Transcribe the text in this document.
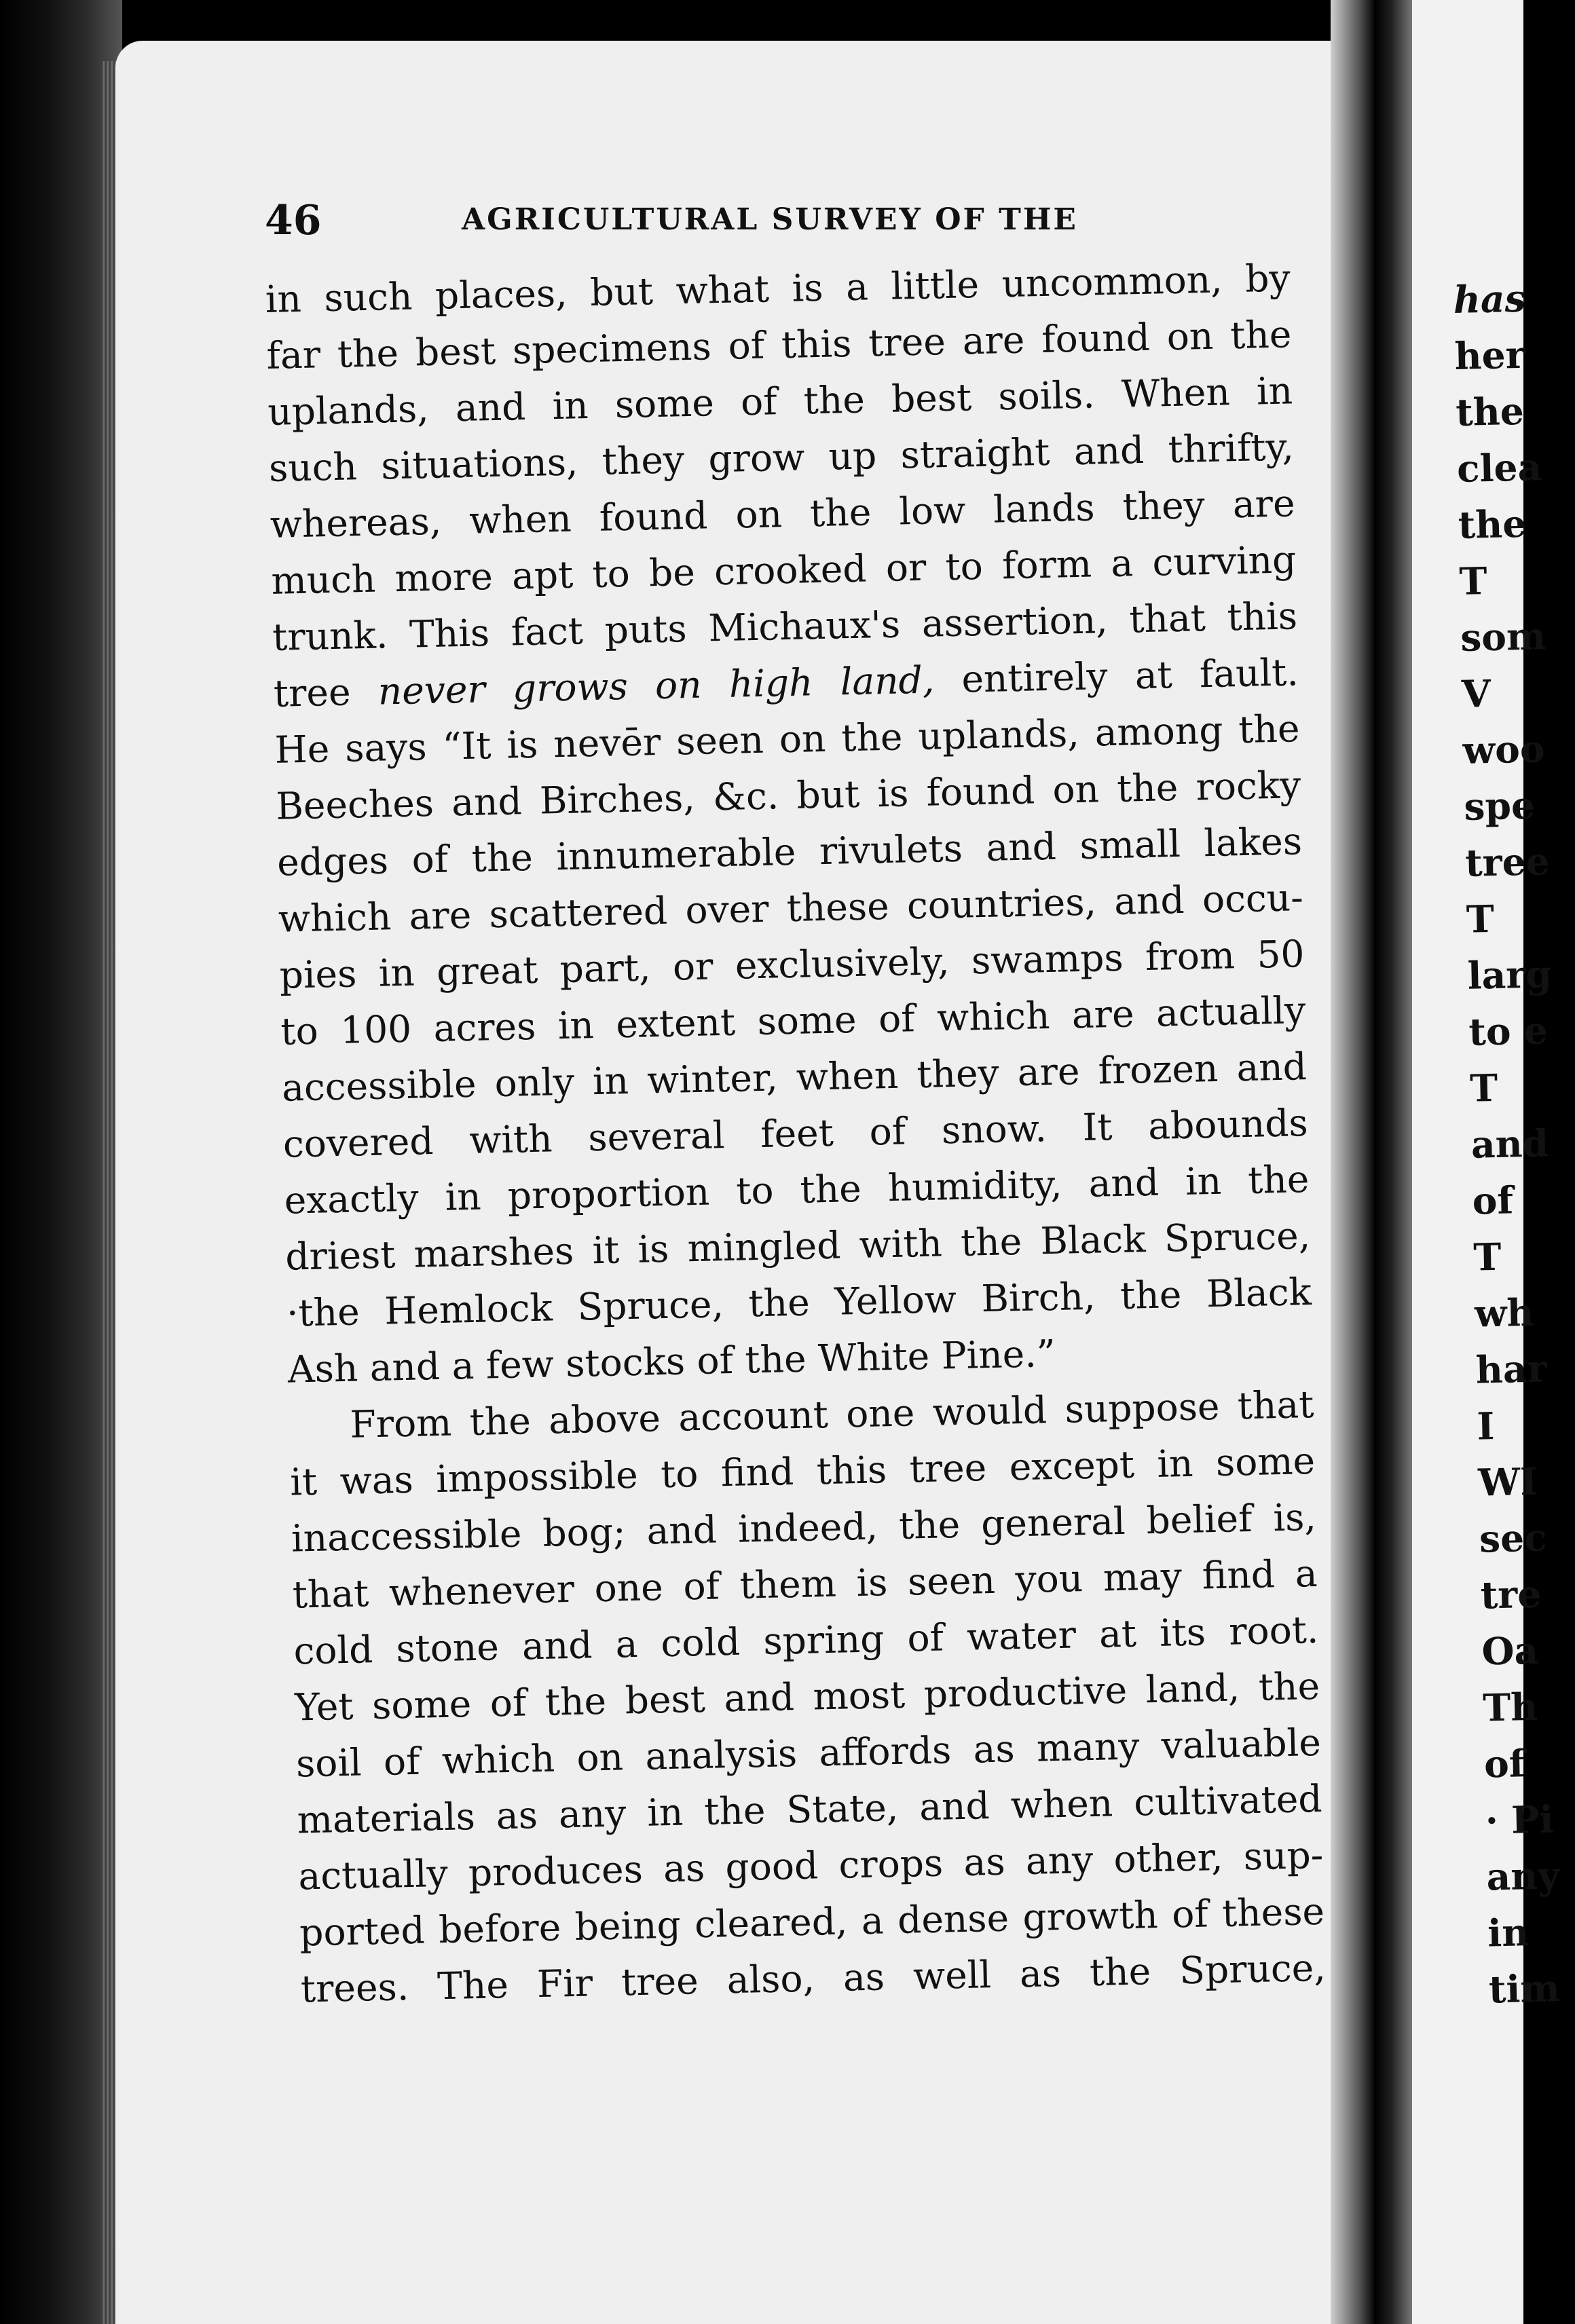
46	AGRICULTURAL SURVEY OF THE
in such places, but what is a little uncommon, by
far the best specimens of this tree are found on the
uplands, and in some of the best soils. When in
such situations, they grow up straight and thrifty,
whereas, when found on the low lands they are
much more apt to be crooked or to form a curving
trunk. This fact puts Michaux's assertion, that this
tree never grows on high land, entirely at fault.
He says “It is nevēr seen on the uplands, among the
Beeches and Birches, &c. but is found on the rocky
edges of the innumerable rivulets and small lakes
which are scattered over these countries, and occu-
pies in great part, or exclusively, swamps from 50
to 100 acres in extent some of which are actually
accessible only in winter, when they are frozen and
covered with several feet of snow. It abounds
exactly in proportion to the humidity, and in the
driest marshes it is mingled with the Black Spruce,
·the Hemlock Spruce, the Yellow Birch, the Black
Ash and a few stocks of the White Pine.”
From the above account one would suppose that
it was impossible to find this tree except in some
inaccessible bog; and indeed, the general belief is,
that whenever one of them is seen you may find a
cold stone and a cold spring of water at its root.
Yet some of the best and most productive land, the
soil of which on analysis affords as many valuable
materials as any in the State, and when cultivated
actually produces as good crops as any other, sup-
ported before being cleared, a dense growth of these
trees. The Fir tree also, as well as the Spruce,
has
her
the
clea
the
T
som
V
woo
spe
tree
T
larg
to e
T
and
of
T
wh
har
I
WI
sec
tre
Oa
Th
of
· Pi
any
in
tim
